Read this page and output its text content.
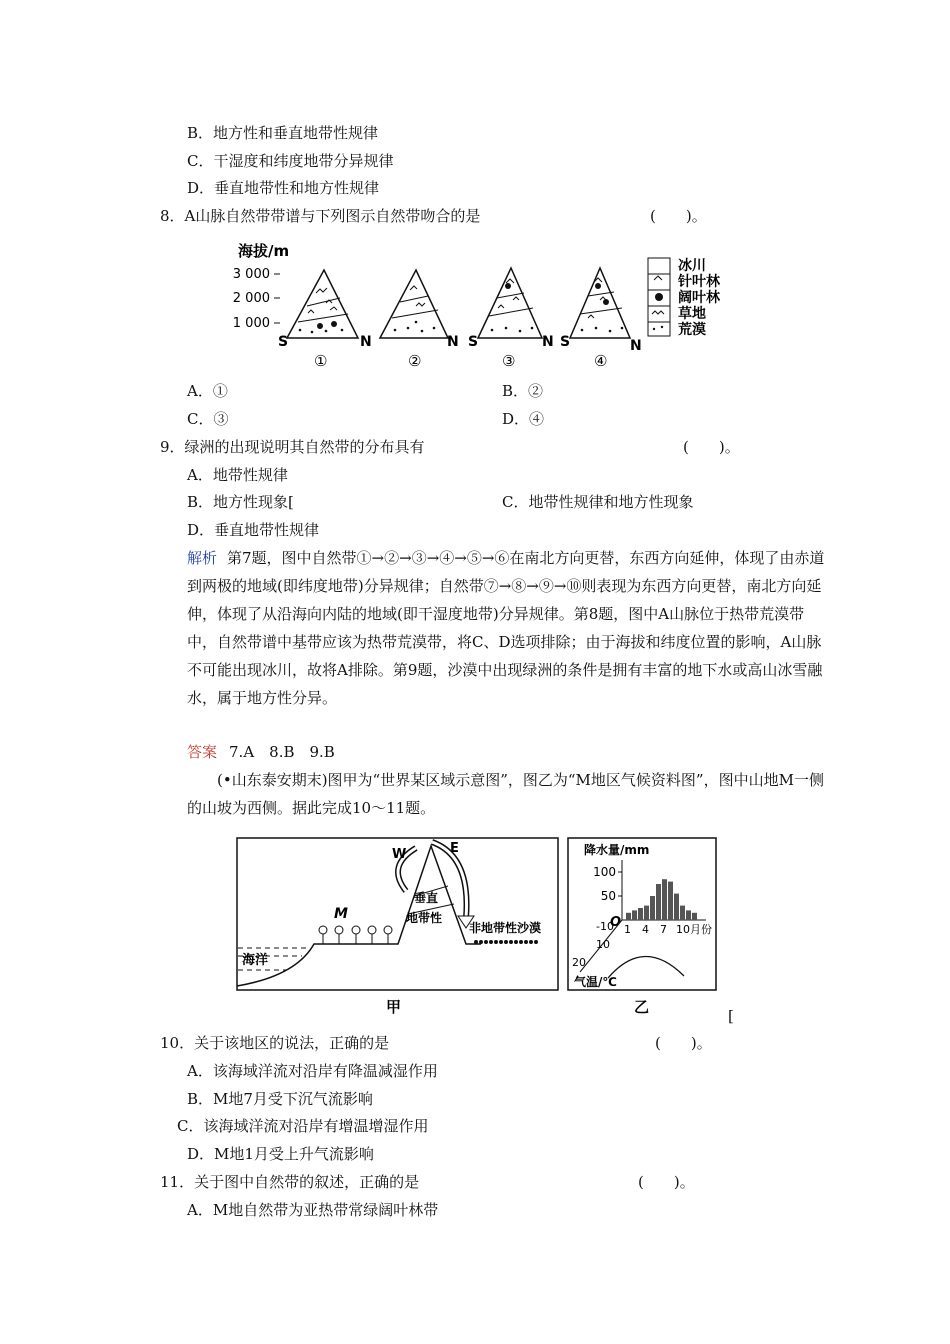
B．地方性和垂直地带性规律
C．干湿度和纬度地带分异规律
D．垂直地带性和地方性规律
8．A山脉自然带带谱与下列图示自然带吻合的是	(　　)。
海拔/m
3 000
2 000
1 000
S	N
①
N
②
S	N
③
S	N
④
冰川
针叶林
阔叶林
草地
荒漠
A．①	B．②
C．③	D．④
9．绿洲的出现说明其自然带的分布具有	(　　)。
A．地带性规律
B．地方性现象[	C．地带性规律和地方性现象
D．垂直地带性规律
解析 第7题，图中自然带①→②→③→④→⑤→⑥在南北方向更替，东西方向延伸，体现了由赤道到两极的地域(即纬度地带)分异规律；自然带⑦→⑧→⑨→⑩则表现为东西方向更替，南北方向延伸，体现了从沿海向内陆的地域(即干湿度地带)分异规律。第8题，图中A山脉位于热带荒漠带中，自然带谱中基带应该为热带荒漠带，将C、D选项排除；由于海拔和纬度位置的影响，A山脉不可能出现冰川，故将A排除。第9题，沙漠中出现绿洲的条件是拥有丰富的地下水或高山冰雪融水，属于地方性分异。
答案 7.A　8.B　9.B
(•山东泰安期末)图甲为“世界某区域示意图”，图乙为“M地区气候资料图”，图中山地M一侧的山坡为西侧。据此完成10～11题。
海洋
M
垂直
地带性
W	E
非地带性沙漠
甲
降水量/mm
100
50
O
-10 1 4 7 10月份
10
20
气温/℃
乙	[
10．关于该地区的说法，正确的是	(　　)。
A．该海域洋流对沿岸有降温减湿作用
B．M地7月受下沉气流影响
C．该海域洋流对沿岸有增温增湿作用
D．M地1月受上升气流影响
11．关于图中自然带的叙述，正确的是	(　　)。
A．M地自然带为亚热带常绿阔叶林带
